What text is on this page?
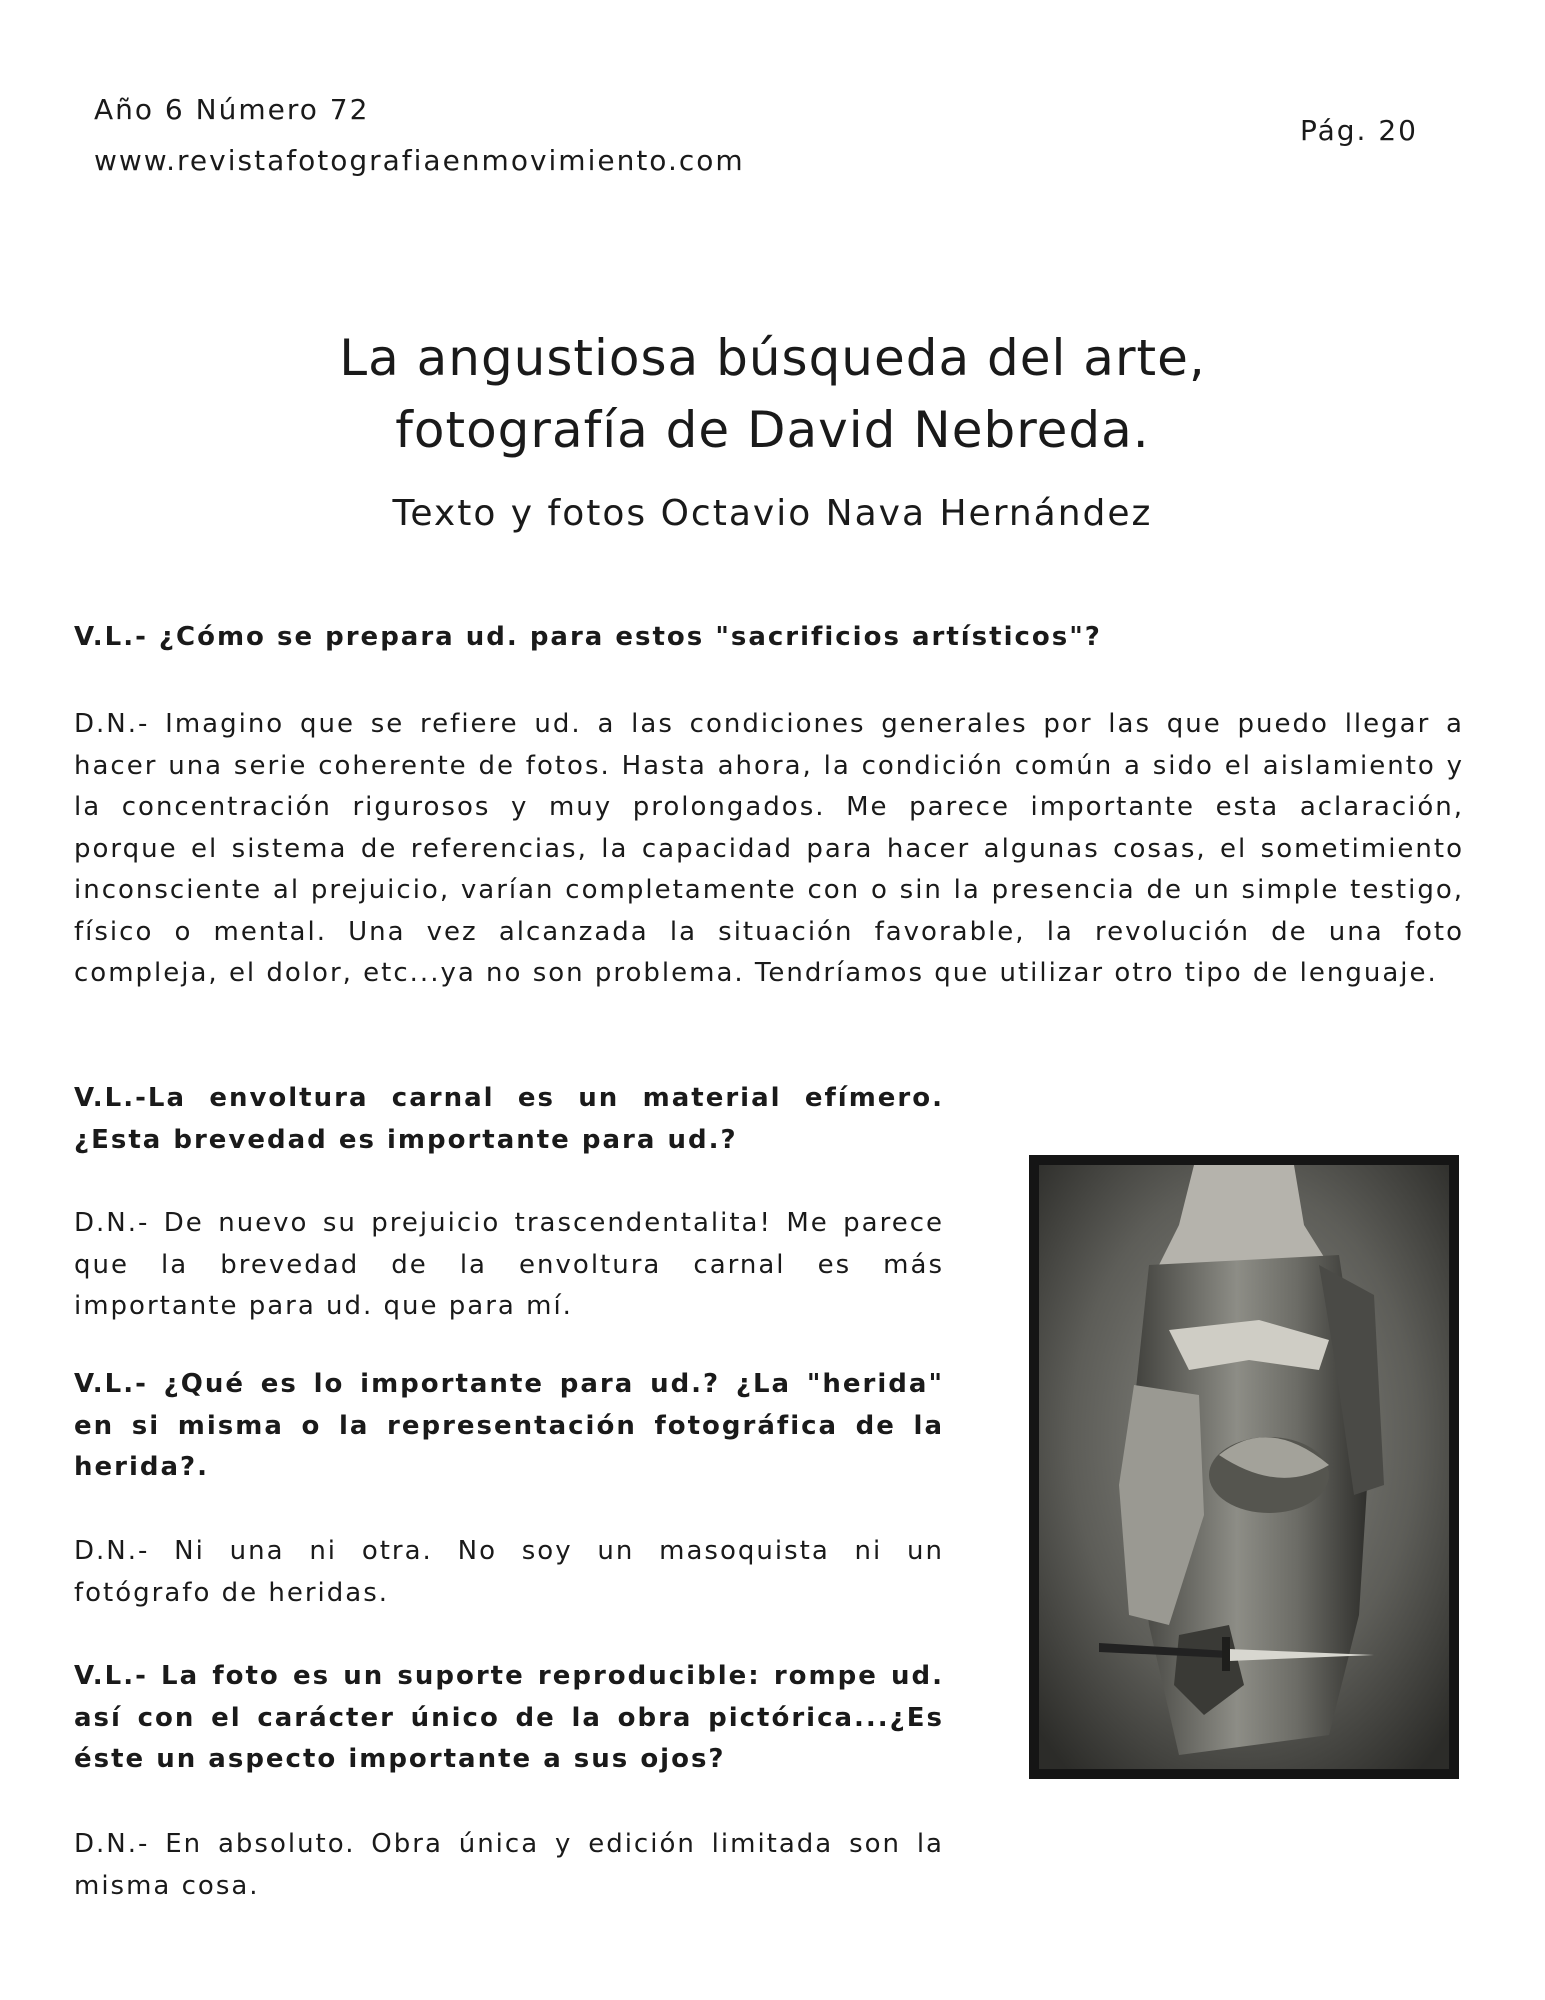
Año 6 Número 72
www.revistafotografiaenmovimiento.com
Pág. 20
La angustiosa búsqueda del arte,
fotografía de David Nebreda.
Texto y fotos Octavio Nava Hernández

V.L.- ¿Cómo se prepara ud. para estos "sacrificios artísticos"?

D.N.- Imagino que se refiere ud. a las condiciones generales por las que puedo llegar a hacer una serie coherente de fotos. Hasta ahora, la condición común a sido el aislamiento y la concentración rigurosos y muy prolongados. Me parece importante esta aclaración, porque el sistema de referencias, la capacidad para hacer algunas cosas, el sometimiento inconsciente al prejuicio, varían completamente con o sin la presencia de un simple testigo, físico o mental. Una vez alcanzada la situación favorable, la revolución de una foto compleja, el dolor, etc...ya no son problema. Tendríamos que utilizar otro tipo de lenguaje.

V.L.-La envoltura carnal es un material efímero. ¿Esta brevedad es importante para ud.?

D.N.- De nuevo su prejuicio trascendentalita! Me parece que la brevedad de la envoltura carnal es más importante para ud. que para mí.

V.L.- ¿Qué es lo importante para ud.? ¿La "herida" en si misma o la representación fotográfica de la herida?.

D.N.- Ni una ni otra. No soy un masoquista ni un fotógrafo de heridas.

V.L.- La foto es un suporte reproducible: rompe ud. así con el carácter único de la obra pictórica...¿Es éste un aspecto importante a sus ojos?

D.N.- En absoluto. Obra única y edición limitada son la misma cosa.
